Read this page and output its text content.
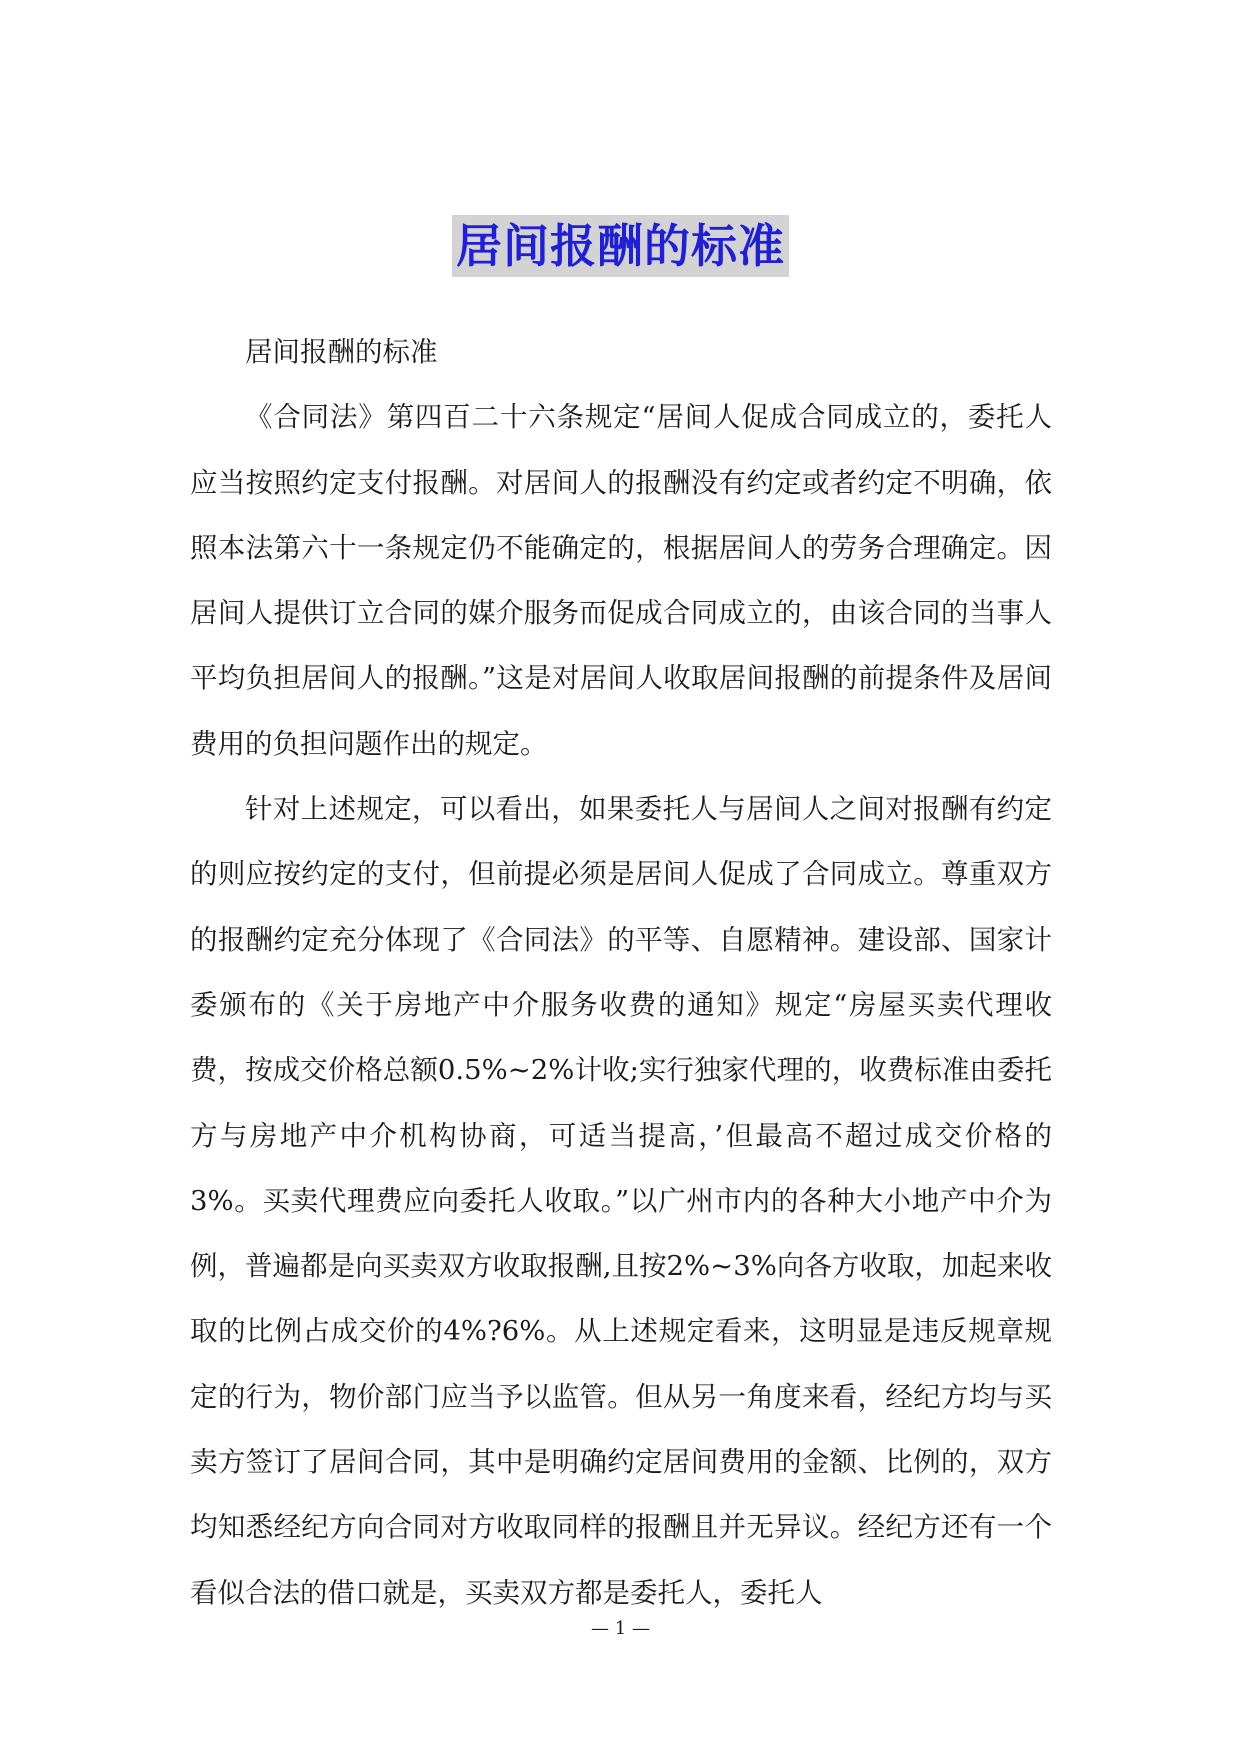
居间报酬的标准

居间报酬的标准

《合同法》第四百二十六条规定“居间人促成合同成立的，委托人应当按照约定支付报酬。对居间人的报酬没有约定或者约定不明确，依照本法第六十一条规定仍不能确定的，根据居间人的劳务合理确定。因居间人提供订立合同的媒介服务而促成合同成立的，由该合同的当事人平均负担居间人的报酬。”这是对居间人收取居间报酬的前提条件及居间费用的负担问题作出的规定。

针对上述规定，可以看出，如果委托人与居间人之间对报酬有约定的则应按约定的支付，但前提必须是居间人促成了合同成立。尊重双方的报酬约定充分体现了《合同法》的平等、自愿精神。建设部、国家计委颁布的《关于房地产中介服务收费的通知》规定“房屋买卖代理收费，按成交价格总额0.5%~2%计收;实行独家代理的，收费标准由委托方与房地产中介机构协商，可适当提高，’但最高不超过成交价格的3%。买卖代理费应向委托人收取。”以广州市内的各种大小地产中介为例，普遍都是向买卖双方收取报酬,且按2%~3%向各方收取，加起来收取的比例占成交价的4%?6%。从上述规定看来，这明显是违反规章规定的行为，物价部门应当予以监管。但从另一角度来看，经纪方均与买卖方签订了居间合同，其中是明确约定居间费用的金额、比例的，双方均知悉经纪方向合同对方收取同样的报酬且并无异议。经纪方还有一个看似合法的借口就是，买卖双方都是委托人，委托人

— 1 —
